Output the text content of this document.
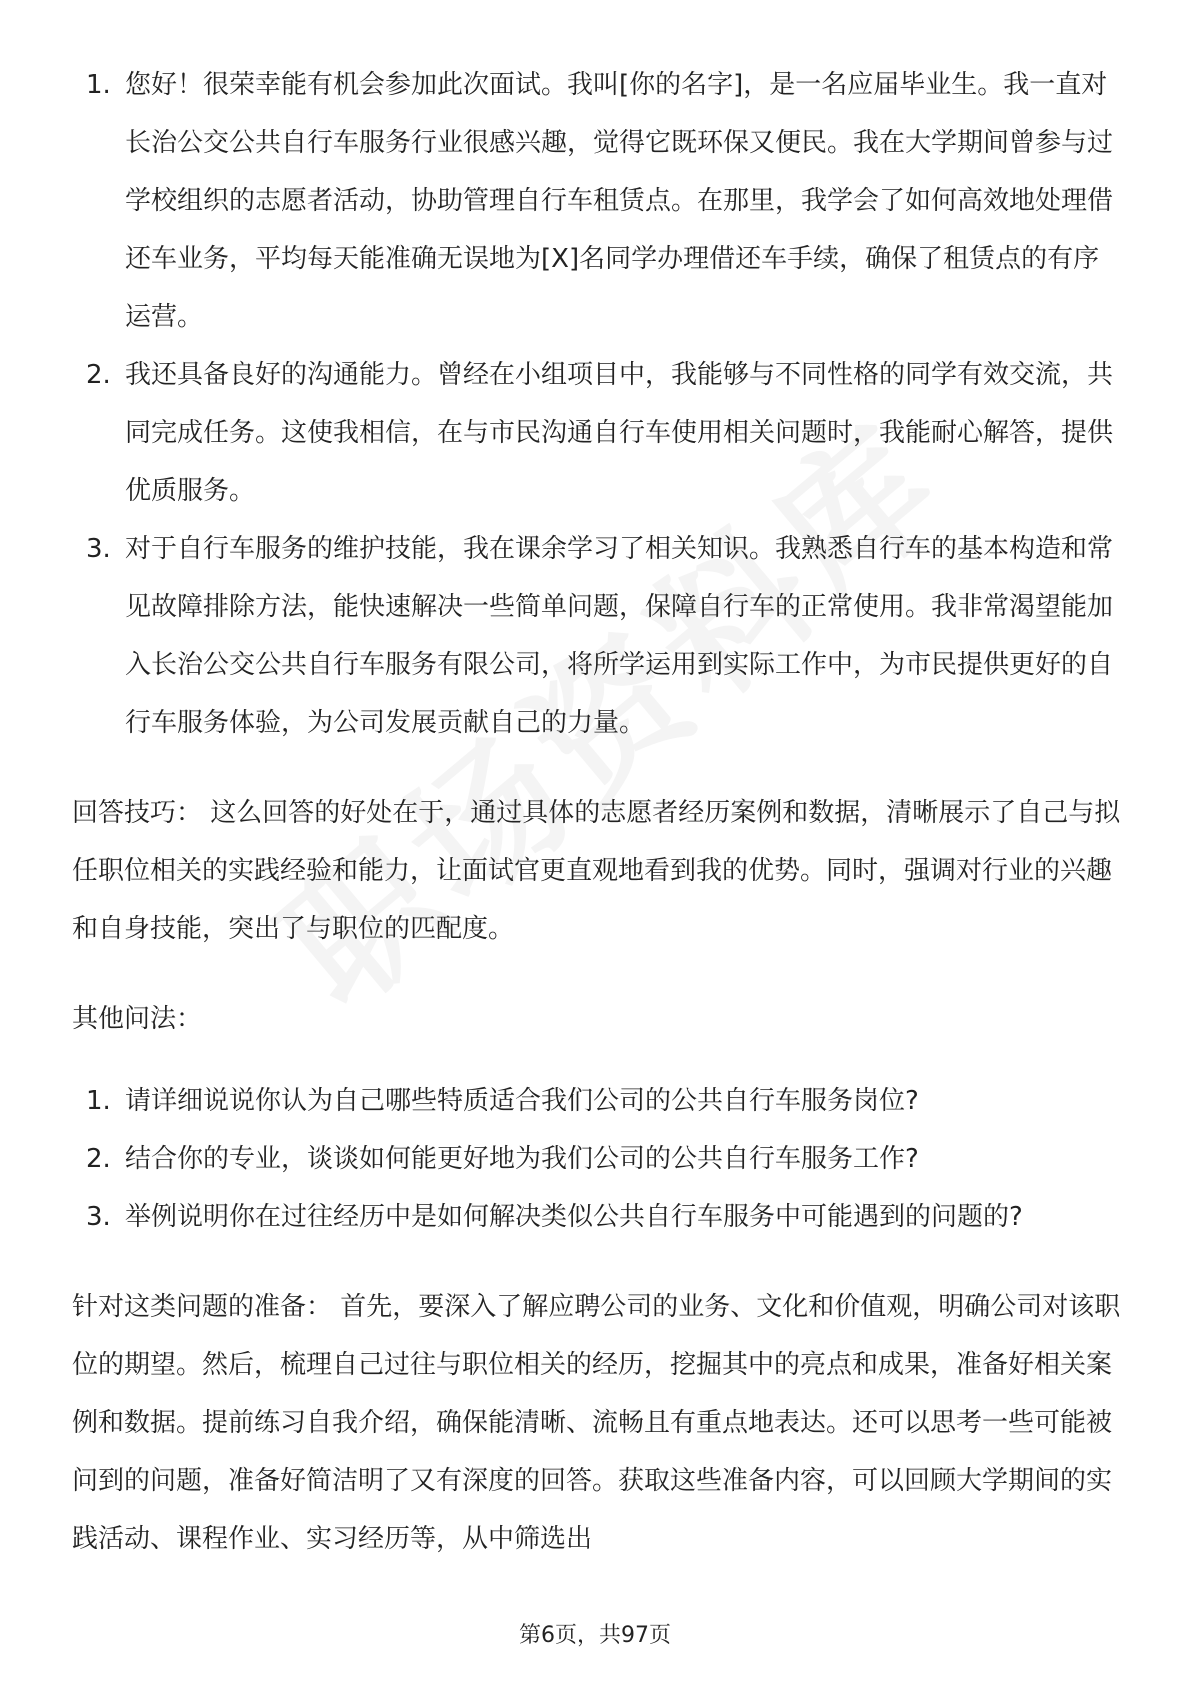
1. 您好！很荣幸能有机会参加此次面试。我叫[你的名字]，是一名应届毕业生。我一直对长治公交公共自行车服务行业很感兴趣，觉得它既环保又便民。我在大学期间曾参与过学校组织的志愿者活动，协助管理自行车租赁点。在那里，我学会了如何高效地处理借还车业务，平均每天能准确无误地为[X]名同学办理借还车手续，确保了租赁点的有序运营。
2. 我还具备良好的沟通能力。曾经在小组项目中，我能够与不同性格的同学有效交流，共同完成任务。这使我相信，在与市民沟通自行车使用相关问题时，我能耐心解答，提供优质服务。
3. 对于自行车服务的维护技能，我在课余学习了相关知识。我熟悉自行车的基本构造和常见故障排除方法，能快速解决一些简单问题，保障自行车的正常使用。我非常渴望能加入长治公交公共自行车服务有限公司，将所学运用到实际工作中，为市民提供更好的自行车服务体验，为公司发展贡献自己的力量。

回答技巧： 这么回答的好处在于，通过具体的志愿者经历案例和数据，清晰展示了自己与拟任职位相关的实践经验和能力，让面试官更直观地看到我的优势。同时，强调对行业的兴趣和自身技能，突出了与职位的匹配度。

其他问法：

1. 请详细说说你认为自己哪些特质适合我们公司的公共自行车服务岗位?
2. 结合你的专业，谈谈如何能更好地为我们公司的公共自行车服务工作?
3. 举例说明你在过往经历中是如何解决类似公共自行车服务中可能遇到的问题的?

针对这类问题的准备： 首先，要深入了解应聘公司的业务、文化和价值观，明确公司对该职位的期望。然后，梳理自己过往与职位相关的经历，挖掘其中的亮点和成果，准备好相关案例和数据。提前练习自我介绍，确保能清晰、流畅且有重点地表达。还可以思考一些可能被问到的问题，准备好简洁明了又有深度的回答。获取这些准备内容，可以回顾大学期间的实践活动、课程作业、实习经历等，从中筛选出

第6页，共97页
